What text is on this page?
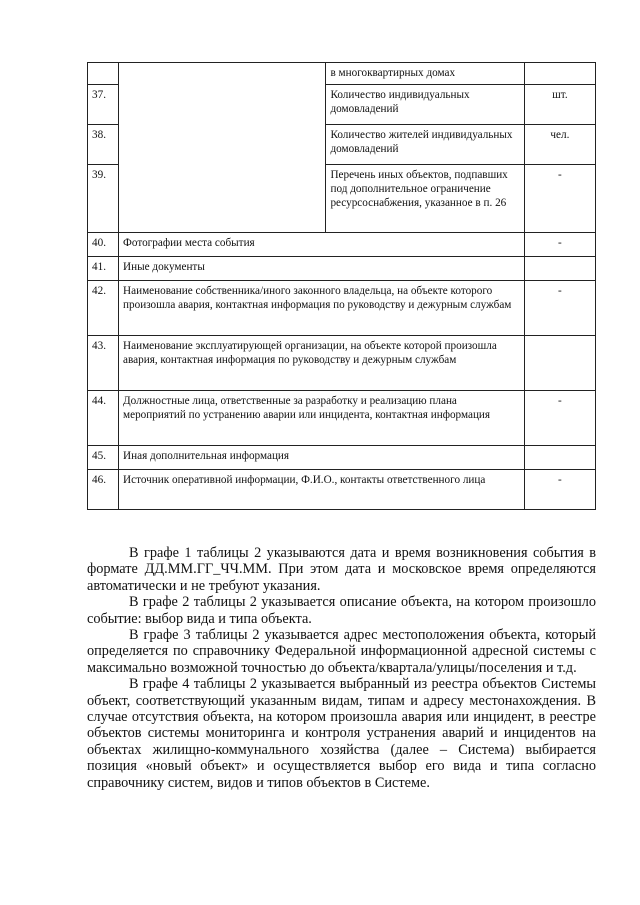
		в многоквартирных домах	
37.		Количество индивидуальных домовладений	шт.
38.		Количество жителей индивидуальных домовладений	чел.
39.		Перечень иных объектов, подпавших под дополнительное ограничение ресурсоснабжения, указанное в п. 26	-
40.	Фотографии места события		-
41.	Иные документы		
42.	Наименование собственника/иного законного владельца, на объекте которого произошла авария, контактная информация по руководству и дежурным службам		-
43.	Наименование эксплуатирующей организации, на объекте которой произошла авария, контактная информация по руководству и дежурным службам		
44.	Должностные лица, ответственные за разработку и реализацию плана мероприятий по устранению аварии или инцидента, контактная информация		-
45.	Иная дополнительная информация		
46.	Источник оперативной информации, Ф.И.О., контакты ответственного лица		-

В графе 1 таблицы 2 указываются дата и время возникновения события в формате ДД.ММ.ГГ_ЧЧ.ММ. При этом дата и московское время определяются автоматически и не требуют указания.

В графе 2 таблицы 2 указывается описание объекта, на котором произошло событие: выбор вида и типа объекта.

В графе 3 таблицы 2 указывается адрес местоположения объекта, который определяется по справочнику Федеральной информационной адресной системы с максимально возможной точностью до объекта/квартала/улицы/поселения и т.д.

В графе 4 таблицы 2 указывается выбранный из реестра объектов Системы объект, соответствующий указанным видам, типам и адресу местонахождения. В случае отсутствия объекта, на котором произошла авария или инцидент, в реестре объектов системы мониторинга и контроля устранения аварий и инцидентов на объектах жилищно-коммунального хозяйства (далее – Система) выбирается позиция «новый объект» и осуществляется выбор его вида и типа согласно справочнику систем, видов и типов объектов в Системе.
